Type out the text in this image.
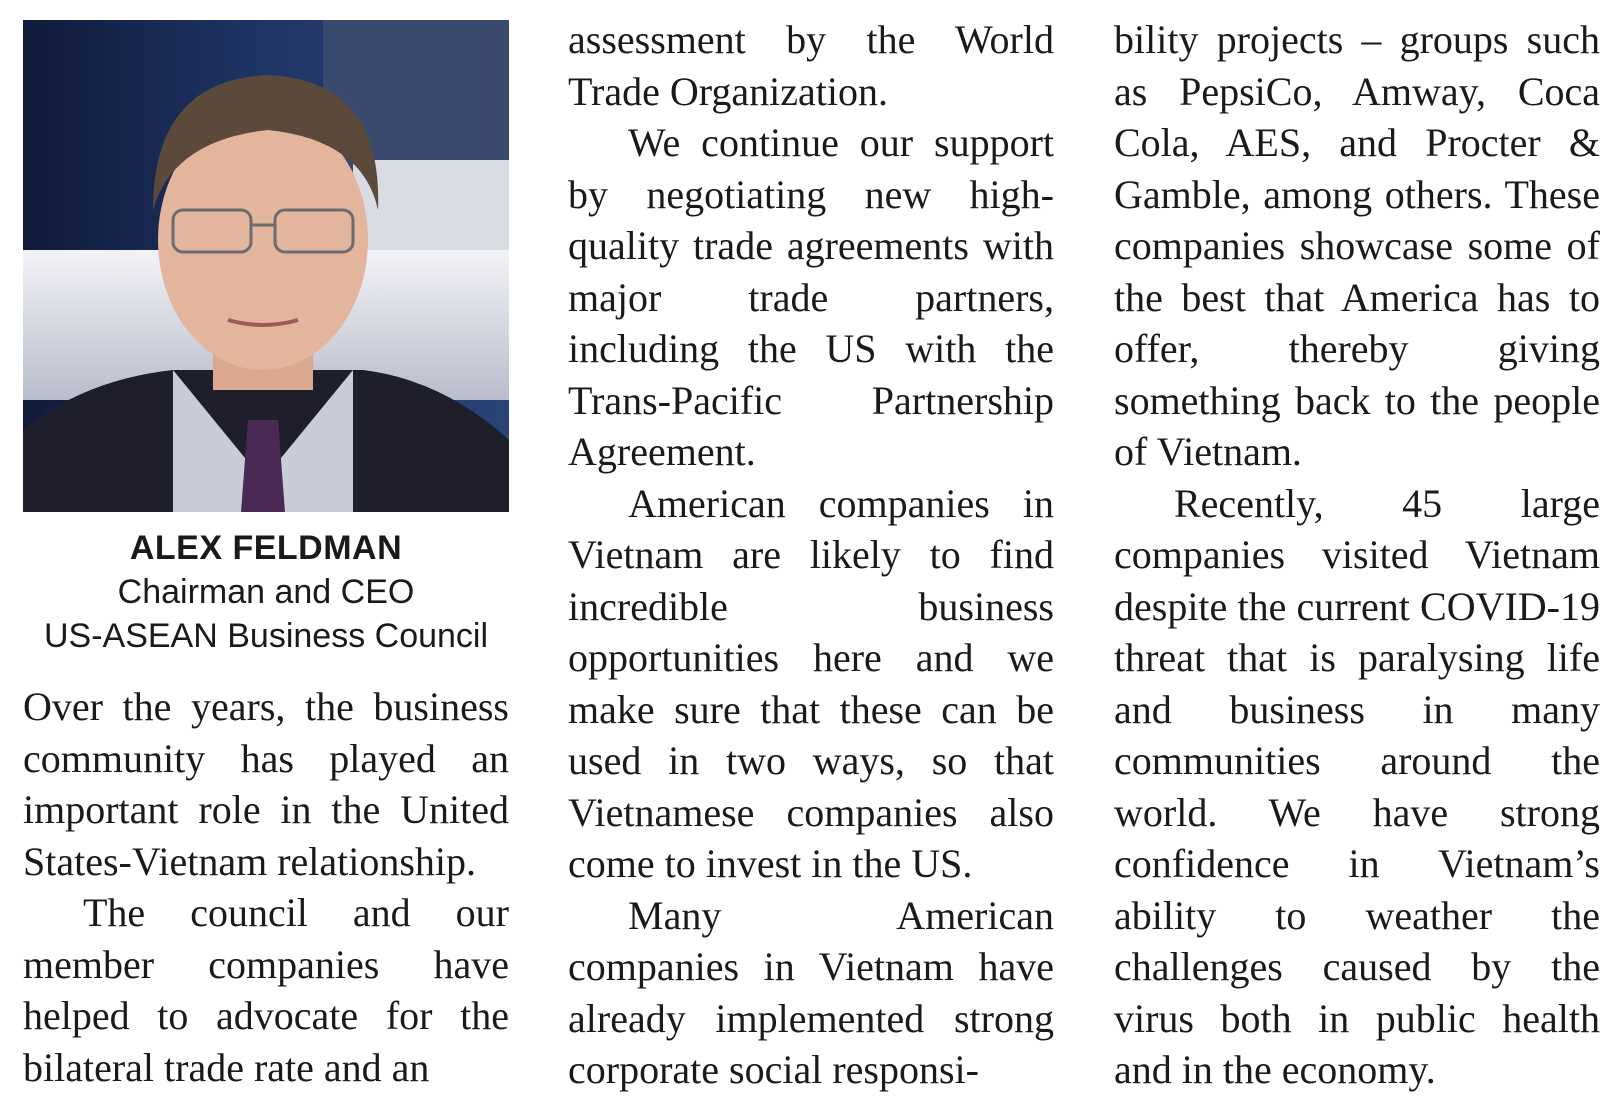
ALEX FELDMAN
Chairman and CEO
US-ASEAN Business Council

Over the years, the business community has played an important role in the United States-Vietnam relationship.

The council and our member companies have helped to advocate for the bilateral trade rate and an

assessment by the World Trade Organization.

We continue our support by negotiating new high-quality trade agreements with major trade partners, including the US with the Trans-Pacific Partnership Agreement.

American companies in Vietnam are likely to find incredible business opportunities here and we make sure that these can be used in two ways, so that Vietnamese companies also come to invest in the US.

Many American companies in Vietnam have already implemented strong corporate social responsi-

bility projects – groups such as PepsiCo, Amway, Coca Cola, AES, and Procter & Gamble, among others. These companies showcase some of the best that America has to offer, thereby giving something back to the people of Vietnam.

Recently, 45 large companies visited Vietnam despite the current COVID-19 threat that is paralysing life and business in many communities around the world. We have strong confidence in Vietnam’s ability to weather the challenges caused by the virus both in public health and in the economy.
